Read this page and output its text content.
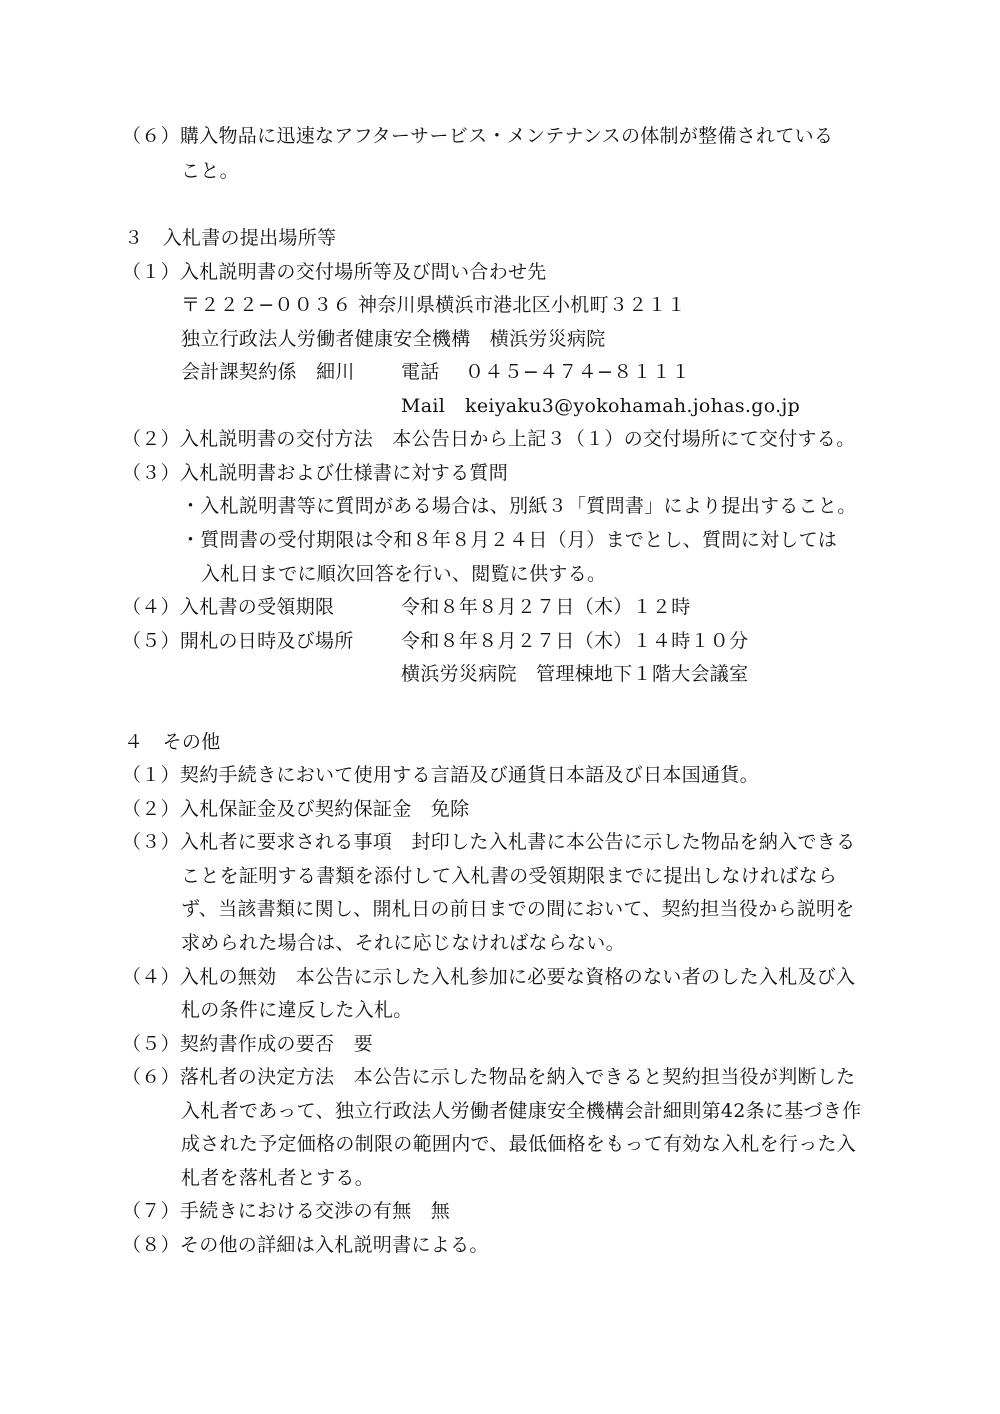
（６）購入物品に迅速なアフターサービス・メンテナンスの体制が整備されている
こと。
３　入札書の提出場所等
（１）入札説明書の交付場所等及び問い合わせ先
〒２２２−００３６ 神奈川県横浜市港北区小机町３２１１
独立行政法人労働者健康安全機構　横浜労災病院
会計課契約係　細川 電話 ０４５−４７４−８１１１
Mail keiyaku3@yokohamah.johas.go.jp
（２）入札説明書の交付方法　本公告日から上記３（１）の交付場所にて交付する。
（３）入札説明書および仕様書に対する質問
・入札説明書等に質問がある場合は、別紙３「質問書」により提出すること。
・質問書の受付期限は令和８年８月２４日（月）までとし、質問に対しては
入札日までに順次回答を行い、閲覧に供する。
（４）入札書の受領期限	令和８年８月２７日（木）１２時
（５）開札の日時及び場所 令和８年８月２７日（木）１４時１０分
横浜労災病院　管理棟地下１階大会議室
４　その他
（１）契約手続きにおいて使用する言語及び通貨日本語及び日本国通貨。
（２）入札保証金及び契約保証金　免除
（３）入札者に要求される事項　封印した入札書に本公告に示した物品を納入できる
ことを証明する書類を添付して入札書の受領期限までに提出しなければなら
ず、当該書類に関し、開札日の前日までの間において、契約担当役から説明を
求められた場合は、それに応じなければならない。
（４）入札の無効　本公告に示した入札参加に必要な資格のない者のした入札及び入
札の条件に違反した入札。
（５）契約書作成の要否　要
（６）落札者の決定方法　本公告に示した物品を納入できると契約担当役が判断した
入札者であって、独立行政法人労働者健康安全機構会計細則第42条に基づき作
成された予定価格の制限の範囲内で、最低価格をもって有効な入札を行った入
札者を落札者とする。
（７）手続きにおける交渉の有無　無
（８）その他の詳細は入札説明書による。
